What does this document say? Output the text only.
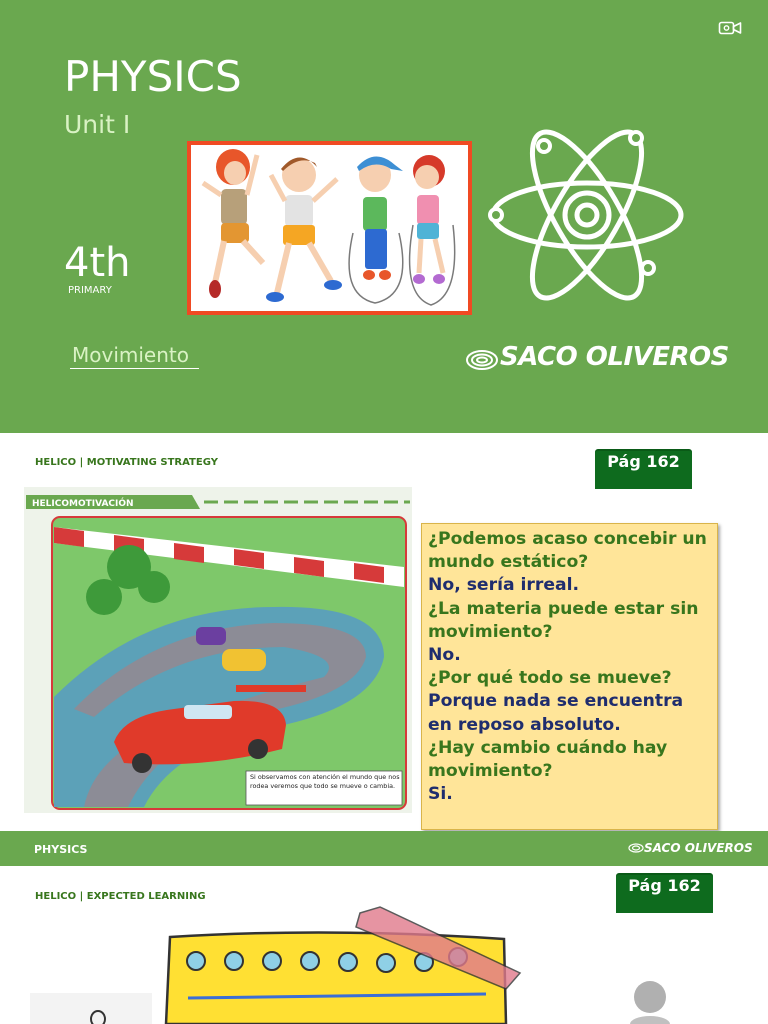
PHYSICS
Unit I
4th
PRIMARY
Movimiento	SACO OLIVEROS
HELICO | MOTIVATING STRATEGY	Pág 162
HELICOMOTIVACIÓN
Si observamos con atención el mundo que nos rodea veremos que todo se mueve o cambia.
¿Podemos acaso concebir un mundo estático?
No, sería irreal.
¿La materia puede estar sin movimiento?
No.
¿Por qué todo se mueve?
Porque nada se encuentra en reposo absoluto.
¿Hay cambio cuándo hay movimiento?
Si.
PHYSICS	SACO OLIVEROS
HELICO | EXPECTED LEARNING
Pág 162
